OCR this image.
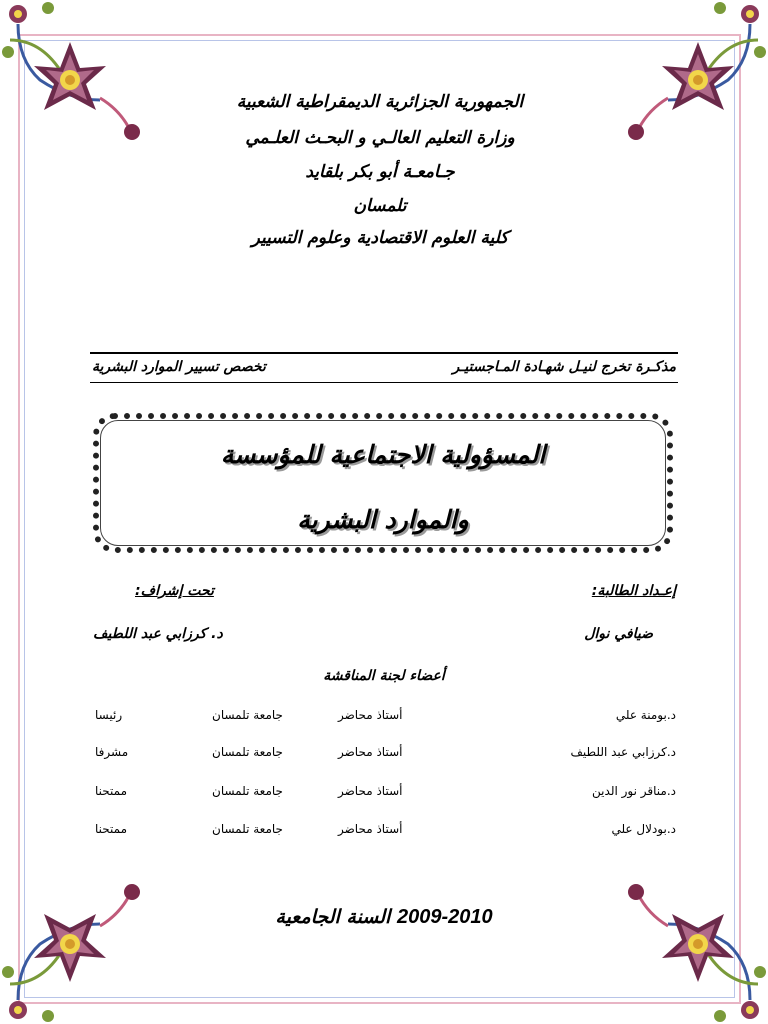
الجمهورية الجزائرية الديمقراطية الشعبية
وزارة التعليم العالـي و البحـث العلـمي
جـامعـة أبو بكر بلقايد
تلمسان
كلية العلوم الاقتصادية وعلوم التسيير
مذكـرة تخرج لنيـل شهـادة المـاجستيـر
تخصص تسيير الموارد البشرية
المسؤولية الاجتماعية للمؤسسة
والموارد البشرية
إعـداد الطالبة:
تحت إشراف:
ضيافي نوال
د. كرزابي عبد اللطيف
أعضاء لجنة المناقشة
د.بومنة علي
أستاذ محاضر
جامعة تلمسان
رئيسا
د.كرزابي عبد اللطيف
أستاذ محاضر
جامعة تلمسان
مشرفا
د.مناقر نور الدين
أستاذ محاضر
جامعة تلمسان
ممتحنا
د.بودلال علي
أستاذ محاضر
جامعة تلمسان
ممتحنا
السنة الجامعية 2009-2010
